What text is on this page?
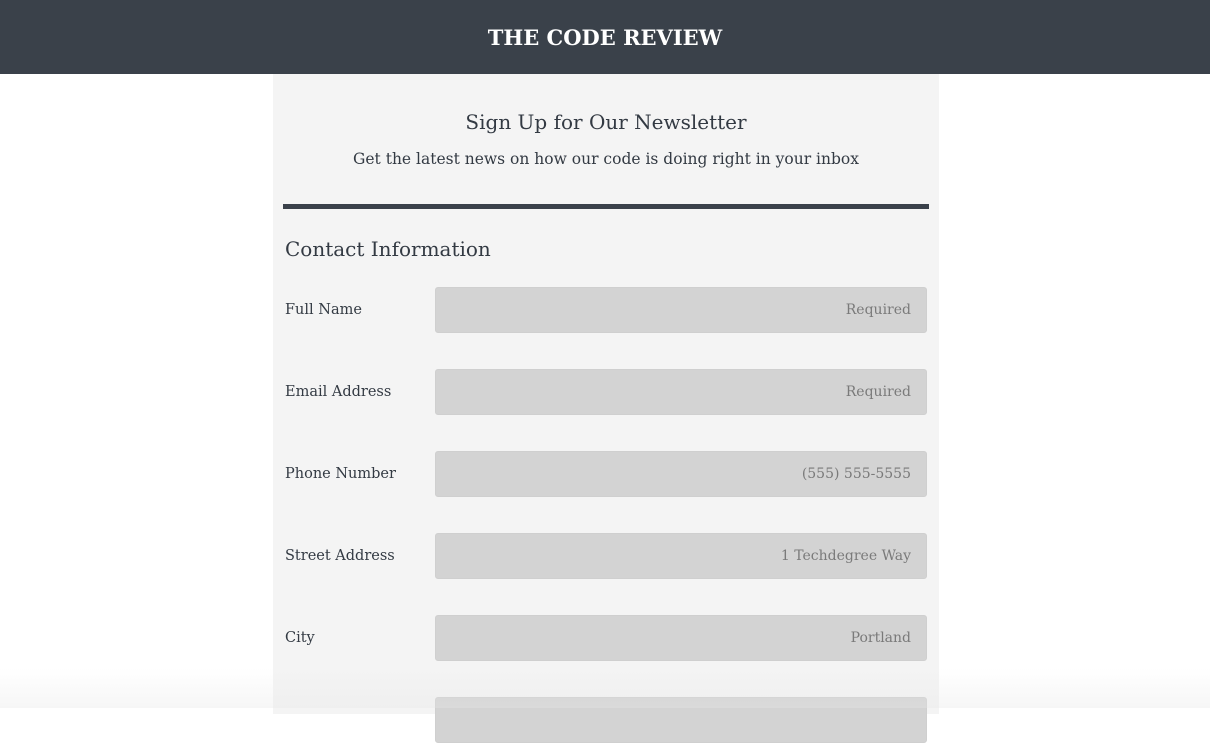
THE CODE REVIEW
Sign Up for Our Newsletter
Get the latest news on how our code is doing right in your inbox
Contact Information
Full Name
Required
Email Address
Required
Phone Number
(555) 555-5555
Street Address
1 Techdegree Way
City
Portland
